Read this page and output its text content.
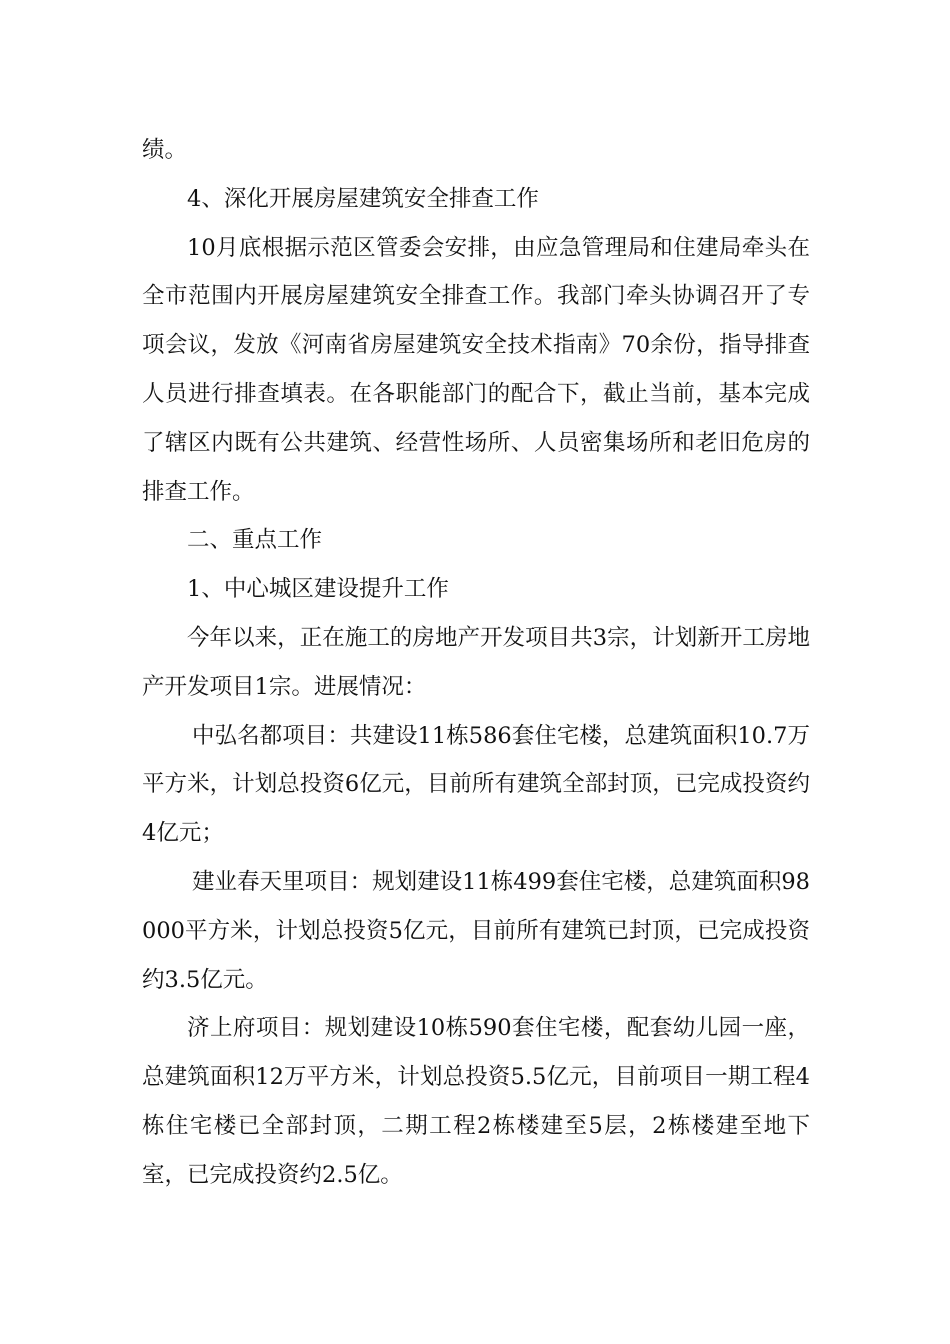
绩。

4、深化开展房屋建筑安全排查工作

10月底根据示范区管委会安排，由应急管理局和住建局牵头在全市范围内开展房屋建筑安全排查工作。我部门牵头协调召开了专项会议，发放《河南省房屋建筑安全技术指南》70余份，指导排查人员进行排查填表。在各职能部门的配合下，截止当前，基本完成了辖区内既有公共建筑、经营性场所、人员密集场所和老旧危房的排查工作。

二、重点工作

1、中心城区建设提升工作

今年以来，正在施工的房地产开发项目共3宗，计划新开工房地产开发项目1宗。进展情况：

中弘名都项目：共建设11栋586套住宅楼，总建筑面积10.7万平方米，计划总投资6亿元，目前所有建筑全部封顶，已完成投资约4亿元；

建业春天里项目：规划建设11栋499套住宅楼，总建筑面积98000平方米，计划总投资5亿元，目前所有建筑已封顶，已完成投资约3.5亿元。

济上府项目：规划建设10栋590套住宅楼，配套幼儿园一座，总建筑面积12万平方米，计划总投资5.5亿元，目前项目一期工程4栋住宅楼已全部封顶，二期工程2栋楼建至5层，2栋楼建至地下室，已完成投资约2.5亿。
